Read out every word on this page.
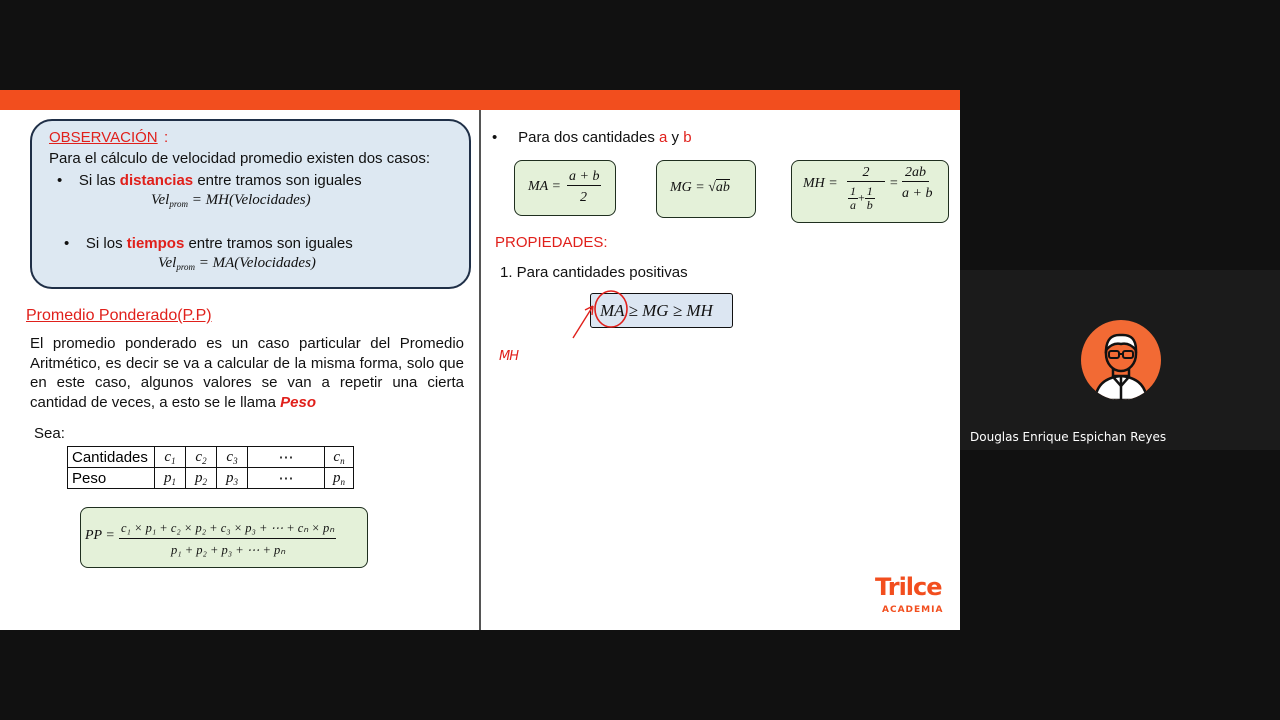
OBSERVACIÓN :
Para el cálculo de velocidad promedio existen dos casos:
•    Si las distancias entre tramos son iguales
Vel$_{prom}$ = MH(Velocidades)
•    Si los tiempos entre tramos son iguales
Vel$_{prom}$ = MA(Velocidades)
Promedio Ponderado(P.P)
El promedio ponderado es un caso particular del Promedio Aritmético, es decir se va a calcular de la misma forma, solo que en este caso, algunos valores se van a repetir una cierta cantidad de veces, a esto se le llama Peso
Sea:
Cantidades	$c_1$	$c_2$	$c_3$	⋯	$c_n$
Peso	$p_1$	$p_2$	$p_3$	⋯	$p_n$
PP = c₁ × p₁ + c₂ × p₂ + c₃ × p₃ + ⋯ + cₙ × pₙ
p₁ + p₂ + p₃ + ⋯ + pₙ
•     Para dos cantidades a y b
MA =
a + b
2
MG = √ab	MH =
2
$\frac{1}{a} + \frac{1}{b}$
=
2ab
a + b
PROPIEDADES:
1. Para cantidades positivas
MA ≥ MG ≥ MH
MH
Trilce
ACADEMIA
Douglas Enrique Espichan Reyes
